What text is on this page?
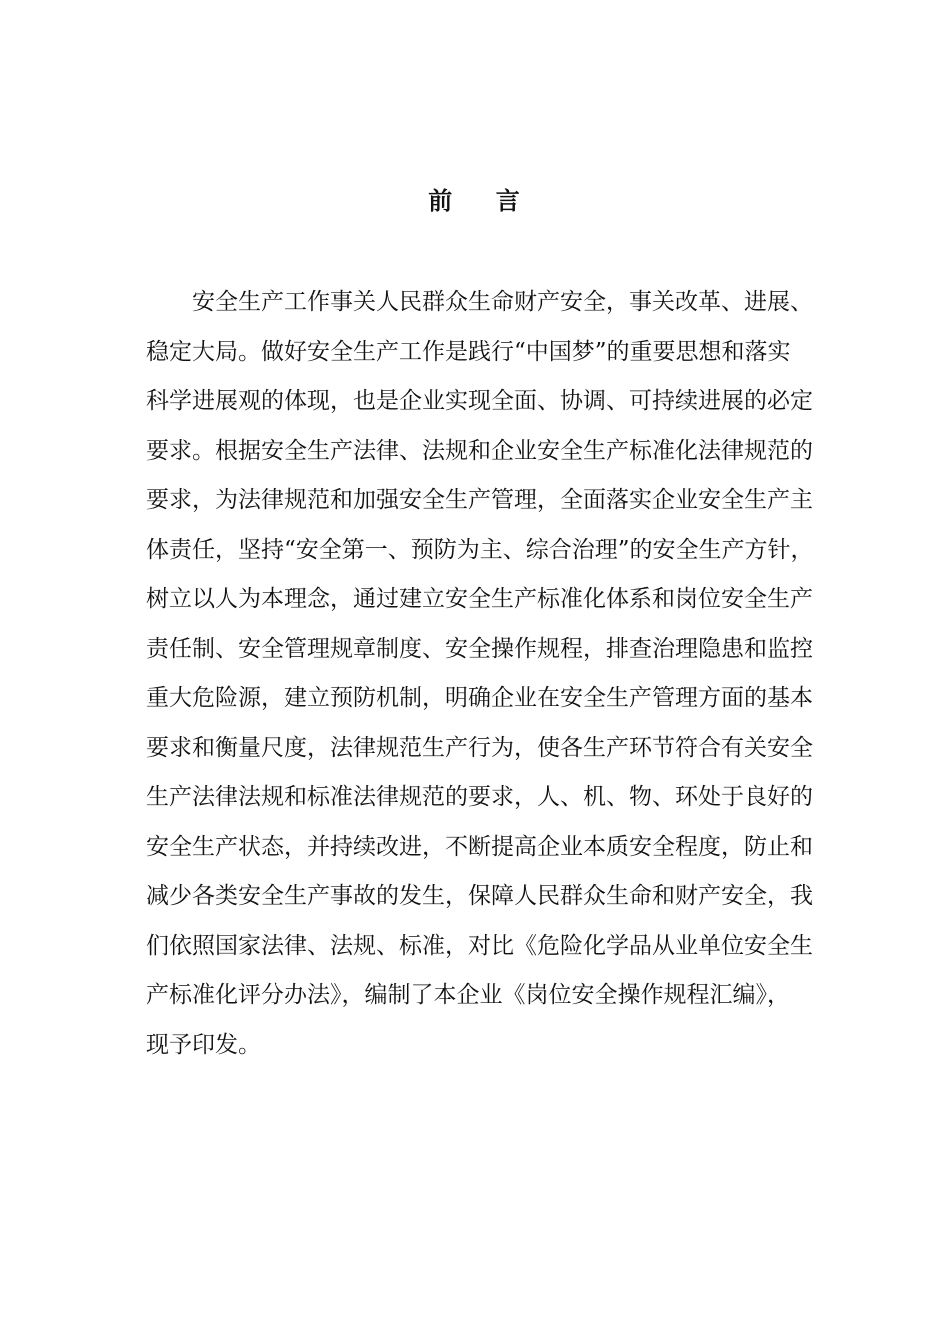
前    言
安全生产工作事关人民群众生命财产安全，事关改革、进展、
稳定大局。做好安全生产工作是践行“中国梦”的重要思想和落实
科学进展观的体现，也是企业实现全面、协调、可持续进展的必定
要求。根据安全生产法律、法规和企业安全生产标准化法律规范的
要求，为法律规范和加强安全生产管理，全面落实企业安全生产主
体责任，坚持“安全第一、预防为主、综合治理”的安全生产方针，
树立以人为本理念，通过建立安全生产标准化体系和岗位安全生产
责任制、安全管理规章制度、安全操作规程，排查治理隐患和监控
重大危险源，建立预防机制，明确企业在安全生产管理方面的基本
要求和衡量尺度，法律规范生产行为，使各生产环节符合有关安全
生产法律法规和标准法律规范的要求，人、机、物、环处于良好的
安全生产状态，并持续改进，不断提高企业本质安全程度，防止和
减少各类安全生产事故的发生，保障人民群众生命和财产安全，我
们依照国家法律、法规、标准，对比《危险化学品从业单位安全生
产标准化评分办法》，编制了本企业《岗位安全操作规程汇编》，
现予印发。
